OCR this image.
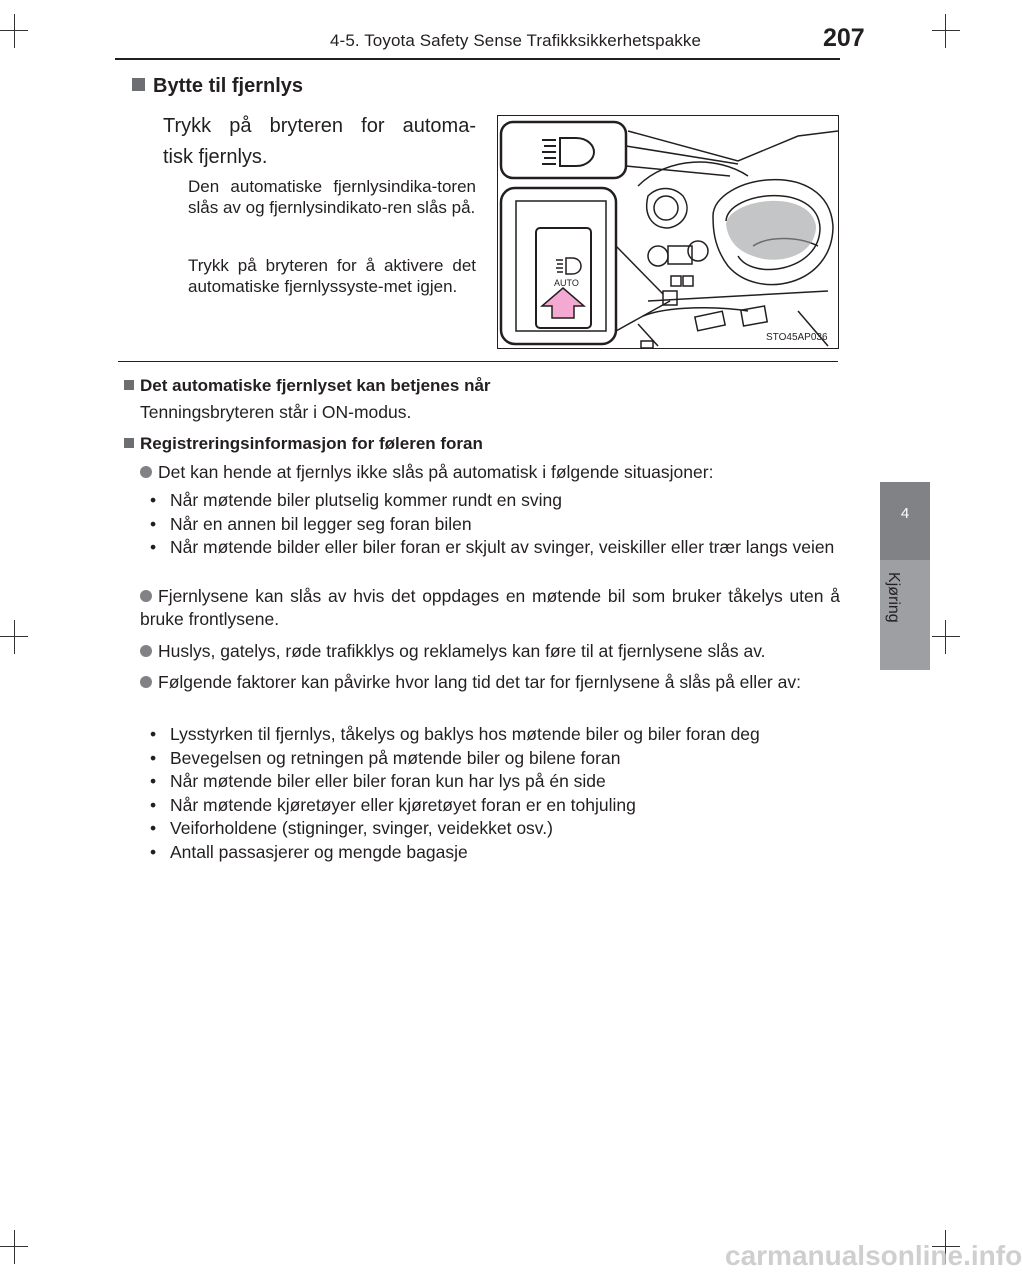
4-5. Toyota Safety Sense Trafikksikkerhetspakke	207
4
Kjøring
Bytte til fjernlys
Trykk på bryteren for automa-
tisk fjernlys.
Den automatiske fjernlysindika-toren slås av og fjernlysindikato-ren slås på.
Trykk på bryteren for å aktivere det automatiske fjernlyssyste-met igjen.	AUTO
STO45AP036
Det automatiske fjernlyset kan betjenes når
Tenningsbryteren står i ON-modus.
Registreringsinformasjon for føleren foran
Det kan hende at fjernlys ikke slås på automatisk i følgende situasjoner:
• Når møtende biler plutselig kommer rundt en sving
• Når en annen bil legger seg foran bilen
• Når møtende bilder eller biler foran er skjult av svinger, veiskiller eller trær langs veien
Fjernlysene kan slås av hvis det oppdages en møtende bil som bruker tåkelys uten å bruke frontlysene.
Huslys, gatelys, røde trafikklys og reklamelys kan føre til at fjernlysene slås av.
Følgende faktorer kan påvirke hvor lang tid det tar for fjernlysene å slås på eller av:
• Lysstyrken til fjernlys, tåkelys og baklys hos møtende biler og biler foran deg
• Bevegelsen og retningen på møtende biler og bilene foran
• Når møtende biler eller biler foran kun har lys på én side
• Når møtende kjøretøyer eller kjøretøyet foran er en tohjuling
• Veiforholdene (stigninger, svinger, veidekket osv.)
• Antall passasjerer og mengde bagasje
carmanualsonline.info
